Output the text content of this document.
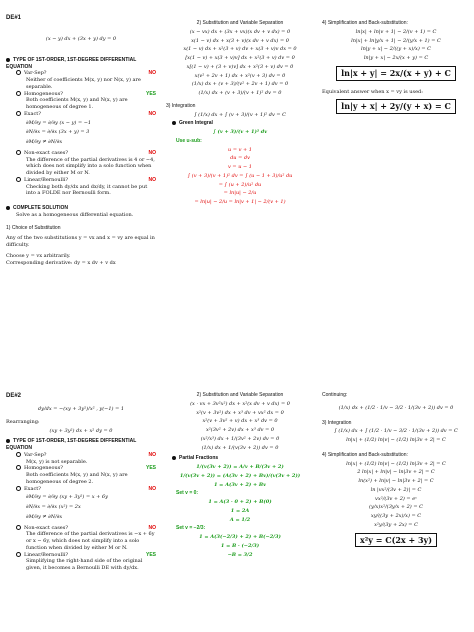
DE#1
(x − y) dx + (3x + y) dy = 0
TYPE OF 1ST-ORDER, 1ST-DEGREE DIFFERENTIAL EQUATION
Var-Sep?	NO
Neither of coefficients M(x, y) nor N(x, y) are separable.
Homogeneous?	YES
Both coefficients M(x, y) and N(x, y) are homogeneous of degree 1.
Exact?	NO
∂M/∂y = ∂/∂y (x − y) = −1
∂N/∂x = ∂/∂x (3x + y) = 3
∂M/∂y ≠ ∂N/∂x
Non-exact cases?	NO
The difference of the partial derivatives is 4 or −4, which does not simplify into a solo function when divided by either M or N.
Linear/Bernoulli?	NO
Checking both dy/dx and dx/dy, it cannot be put into a FOLDE nor Bernoulli form.
COMPLETE SOLUTION
Solve as a homogeneous differential equation.
1) Choice of Substitution
Any of the two substitutions y = vx and x = vy are equal in difficulty.
Choose y = vx arbitrarily.
Corresponding derivative: dy = x dv + v dx
2) Substitution and Variable Separation
(x − vx) dx + (3x + vx)(x dv + v dx) = 0
x(1 − v) dx + x(3 + v)(x dv + v dx) = 0
x(1 − v) dx + x²(3 + v) dv + x(3 + v)v dx = 0
[x(1 − v) + x(3 + v)v] dx + x²(3 + v) dv = 0
x[(1 − v) + (3 + v)v] dx + x²(3 + v) dv = 0
x(v² + 2v + 1) dx + x²(v + 3) dv = 0
(1/x) dx + (v + 3)/(v² + 2v + 1) dv = 0
(1/x) dx + (v + 3)/(v + 1)² dv = 0
3) Integration
∫ (1/x) dx + ∫ (v + 3)/(v + 1)² dv = C
Green Integral
∫ (v + 3)/(v + 1)² dv
Use u-sub:
u = v + 1
du = dv
v = u − 1
∫ (v + 3)/(v + 1)² dv = ∫ (u − 1 + 3)/u² du
= ∫ (u + 2)/u² du
= ln|u| − 2/u
= ln|u| − 2/u = ln|v + 1| − 2/(v + 1)
4) Simplification and Back-substitution:
ln|x| + ln|v + 1| − 2/(v + 1) = C
ln|x| + ln|y/x + 1| − 2/(y/x + 1) = C
ln|y + x| − 2/((y + x)/x) = C
ln|y + x| − 2x/(x + y) = C
ln|x + y| = 2x/(x + y) + C
Equivalent answer when x = vy is used:
ln|y + x| + 2y/(y + x) = C
DE#2
dy/dx = −(xy + 3y²)/x² , y(−1) = 1
Rearranging:
(xy + 3y²) dx + x² dy = 0
TYPE OF 1ST-ORDER, 1ST-DEGREE DIFFERENTIAL EQUATION
Var-Sep?	NO
M(x, y) is not separable.
Homogeneous?	YES
Both coefficients M(x, y) and N(x, y) are homogeneous of degree 2.
Exact?	NO
∂M/∂y = ∂/∂y (xy + 3y²) = x + 6y
∂N/∂x = ∂/∂x (x²) = 2x
∂M/∂y ≠ ∂N/∂x
Non-exact cases?	NO
The difference of the partial derivatives is −x + 6y or x − 6y, which does not simplify into a solo function when divided by either M or N.
Linear/Bernoulli?	YES
Simplifying the right-hand side of the original given, it becomes a Bernoulli DE with dy/dx.
2) Substitution and Variable Separation
(x · vx + 3v²x²) dx + x²(x dv + v dx) = 0
x²(v + 3v²) dx + x³ dv + vx² dx = 0
x²(v + 3v² + v) dx + x³ dv = 0
x²(3v² + 2v) dx + x³ dv = 0
(x²/x³) dx + 1/(3v² + 2v) dv = 0
(1/x) dx + 1/(v(3v + 2)) dv = 0
Partial Fractions
1/(v(3v + 2)) = A/v + B/(3v + 2)
1/(v(3v + 2)) = (A(3v + 2) + Bv)/(v(3v + 2))
1 = A(3v + 2) + Bv
Set v = 0:
1 = A(3 · 0 + 2) + B(0)
1 = 2A
A = 1/2
Set v = −2/3:
1 = A(3(−2/3) + 2) + B(−2/3)
1 = B · (−2/3)
−B = 3/2
Continuing:
(1/x) dx + (1/2 · 1/v − 3/2 · 1/(3v + 2)) dv = 0
3) Integration
∫ (1/x) dx + ∫ (1/2 · 1/v − 3/2 · 1/(3v + 2)) dv = C
ln|x| + (1/2) ln|v| − (1/2) ln|3v + 2| = C
4) Simplification and Back-substitution:
ln|x| + (1/2) ln|v| − (1/2) ln|3v + 2| = C
2 ln|x| + ln|v| − ln|3v + 2| = C
ln(x²) + ln|v| − ln|3v + 2| = C
ln |vx²/(3v + 2)| = C
vx²/(3v + 2) = eᶜ
(y/x)x²/(3y/x + 2) = C
xy/((3y + 2x)/x) = C
x²y/(3y + 2x) = C
x²y = C(2x + 3y)
